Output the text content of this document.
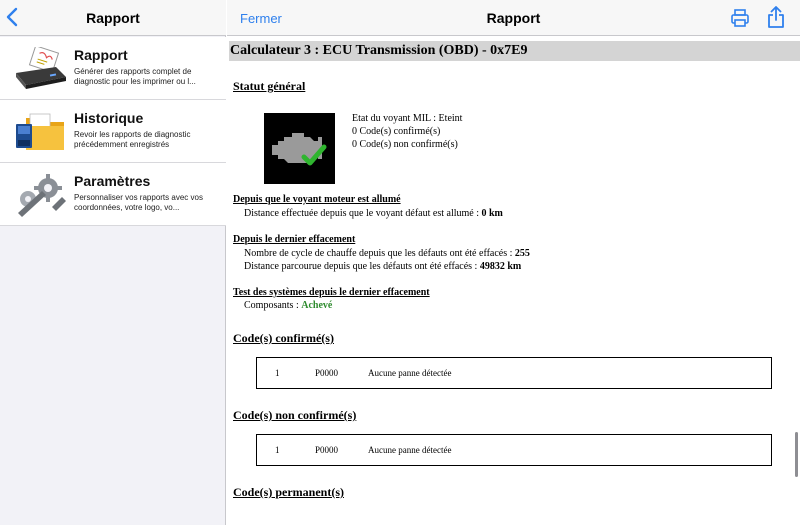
Rapport
Rapport
Générer des rapports complet de diagnostic pour les imprimer ou l...
Historique
Revoir les rapports de diagnostic précédemment enregistrés
Paramètres
Personnaliser vos rapports avec vos coordonnées, votre logo, vo...
Fermer	Rapport
Calculateur 3 : ECU Transmission (OBD) - 0x7E9
Statut général
Etat du voyant MIL : Eteint
0 Code(s) confirmé(s)
0 Code(s) non confirmé(s)
Depuis que le voyant moteur est allumé
Distance effectuée depuis que le voyant défaut est allumé : 0 km
Depuis le dernier effacement
Nombre de cycle de chauffe depuis que les défauts ont été effacés : 255
Distance parcourue depuis que les défauts ont été effacés : 49832 km
Test des systèmes depuis le dernier effacement
Composants : Achevé
Code(s) confirmé(s)
1	P0000	Aucune panne détectée
Code(s) non confirmé(s)
1	P0000	Aucune panne détectée
Code(s) permanent(s)
